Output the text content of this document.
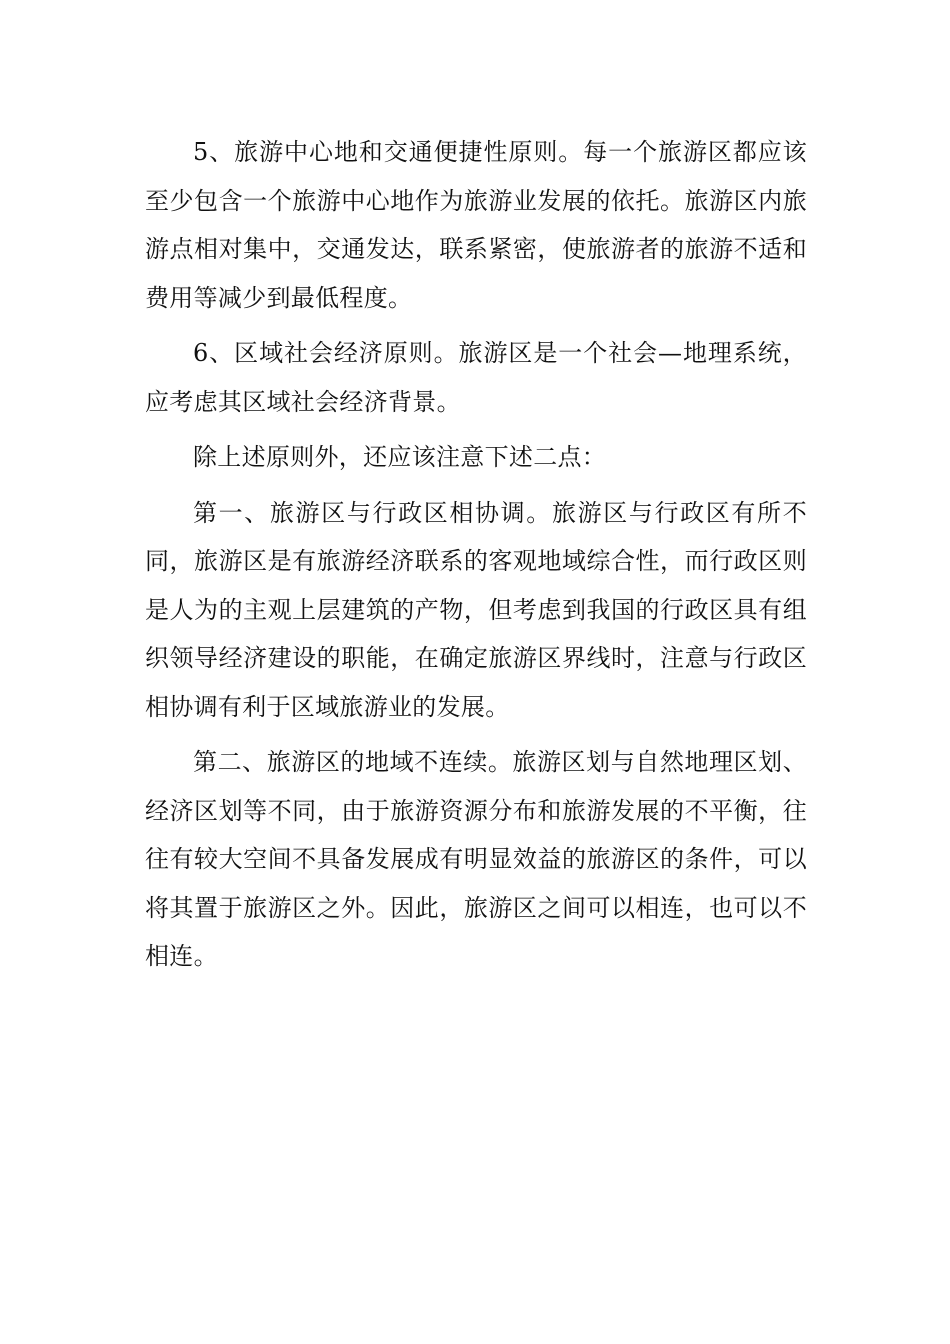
5、旅游中心地和交通便捷性原则。每一个旅游区都应该至少包含一个旅游中心地作为旅游业发展的依托。旅游区内旅游点相对集中，交通发达，联系紧密，使旅游者的旅游不适和费用等减少到最低程度。

6、区域社会经济原则。旅游区是一个社会—地理系统，应考虑其区域社会经济背景。

除上述原则外，还应该注意下述二点：

第一、旅游区与行政区相协调。旅游区与行政区有所不同，旅游区是有旅游经济联系的客观地域综合性，而行政区则是人为的主观上层建筑的产物，但考虑到我国的行政区具有组织领导经济建设的职能，在确定旅游区界线时，注意与行政区相协调有利于区域旅游业的发展。

第二、旅游区的地域不连续。旅游区划与自然地理区划、经济区划等不同，由于旅游资源分布和旅游发展的不平衡，往往有较大空间不具备发展成有明显效益的旅游区的条件，可以将其置于旅游区之外。因此，旅游区之间可以相连，也可以不相连。
